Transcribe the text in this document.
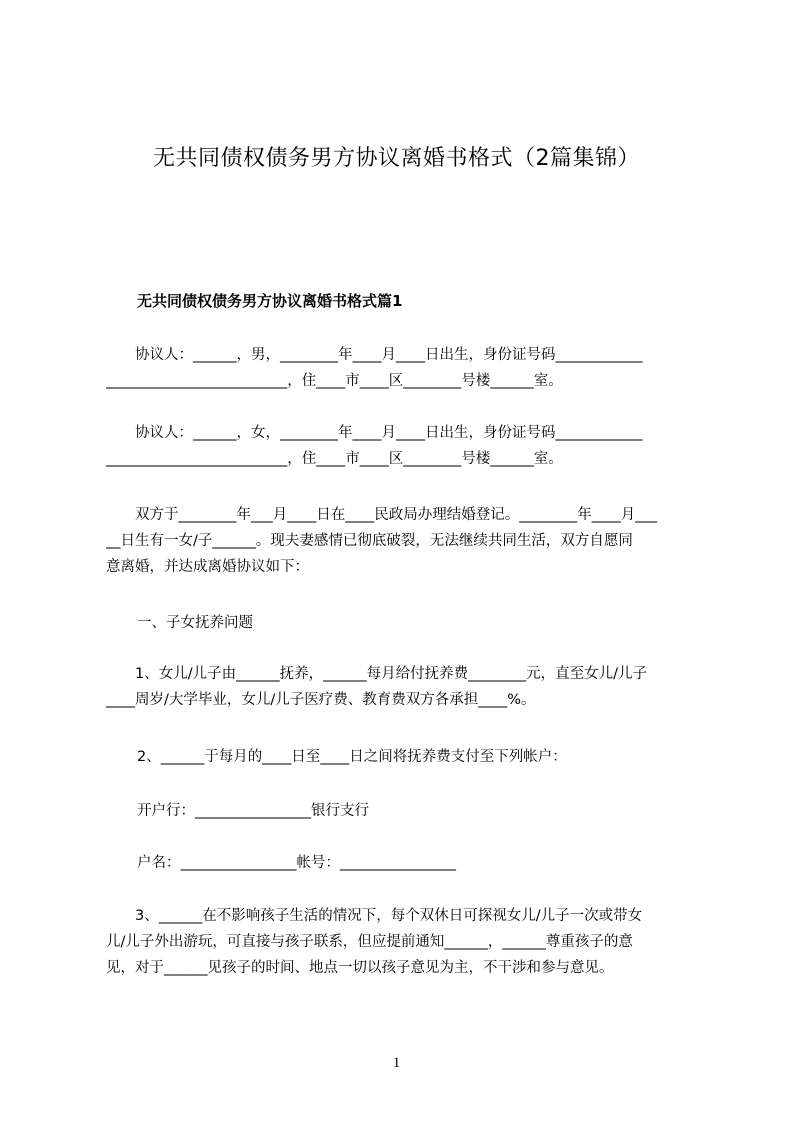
无共同债权债务男方协议离婚书格式（2篇集锦）
无共同债权债务男方协议离婚书格式篇1
　　协议人：______，男，________年____月____日出生，身份证号码____________
_________________________，住____市____区________号楼______室。
　　协议人：______，女，________年____月____日出生，身份证号码____________
_________________________，住____市____区________号楼______室。
　　双方于________年___月____日在____民政局办理结婚登记。________年____月___
__日生有一女/子______。现夫妻感情已彻底破裂，无法继续共同生活，双方自愿同
意离婚，并达成离婚协议如下：
一、子女抚养问题
　　1、女儿/儿子由______抚养，______每月给付抚养费________元，直至女儿/儿子
____周岁/大学毕业，女儿/儿子医疗费、教育费双方各承担____%。
2、______于每月的____日至____日之间将抚养费支付至下列帐户：
开户行：________________银行支行
户名：________________帐号：________________
　　3、______在不影响孩子生活的情况下，每个双休日可探视女儿/儿子一次或带女
儿/儿子外出游玩，可直接与孩子联系，但应提前通知______，______尊重孩子的意
见，对于______见孩子的时间、地点一切以孩子意见为主，不干涉和参与意见。
1
